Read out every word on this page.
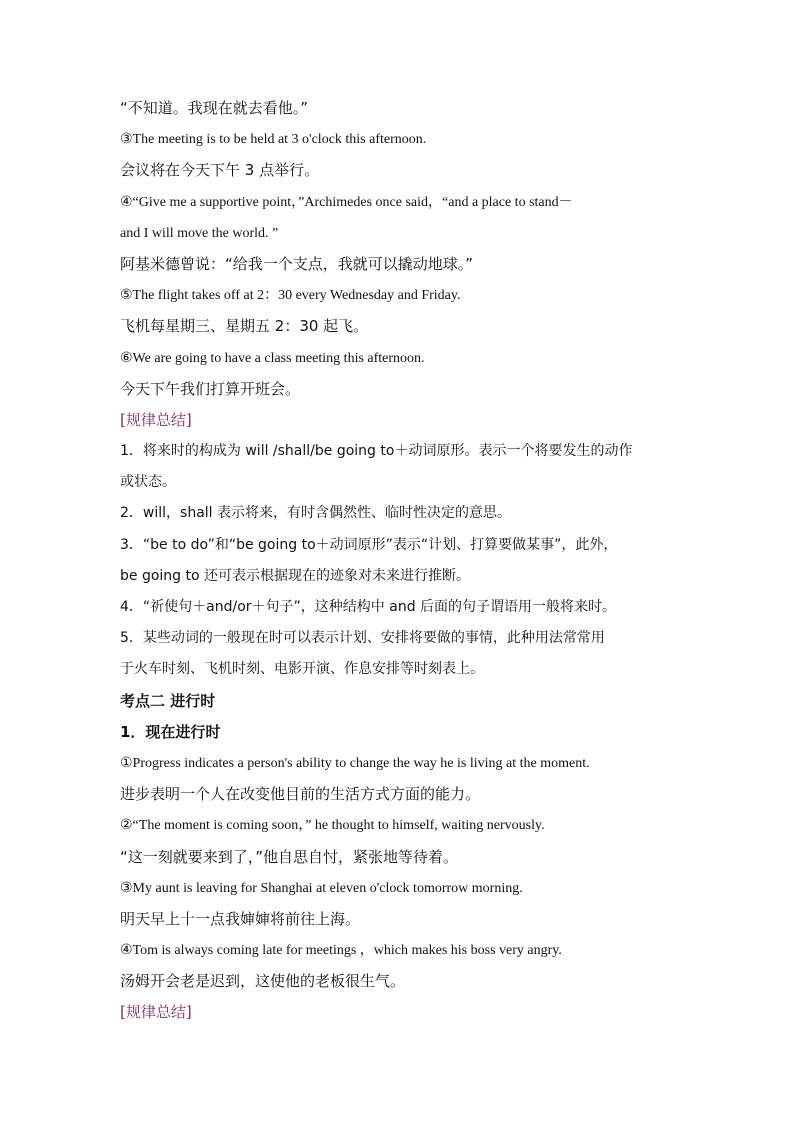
“不知道。我现在就去看他。”
③The meeting is to be held at 3 o'clock this afternoon.
会议将在今天下午 3 点举行。
④“Give me a supportive point，”Archimedes once said，“and a place to stand－
and I will move the world. ”
阿基米德曾说：“给我一个支点，我就可以撬动地球。”
⑤The flight takes off at 2：30 every Wednesday and Friday.
飞机每星期三、星期五 2：30 起飞。
⑥We are going to have a class meeting this afternoon.
今天下午我们打算开班会。
[规律总结]
1．将来时的构成为 will /shall/be going to＋动词原形。表示一个将要发生的动作
或状态。
2．will，shall 表示将来，有时含偶然性、临时性决定的意思。
3．“be to do”和“be going to＋动词原形”表示“计划、打算要做某事”，此外，
be going to 还可表示根据现在的迹象对未来进行推断。
4．“祈使句＋and/or＋句子”，这种结构中 and 后面的句子谓语用一般将来时。
5．某些动词的一般现在时可以表示计划、安排将要做的事情，此种用法常常用
于火车时刻、飞机时刻、电影开演、作息安排等时刻表上。
考点二 进行时
1．现在进行时
①Progress indicates a person's ability to change the way he is living at the moment.
进步表明一个人在改变他目前的生活方式方面的能力。
②“The moment is coming soon，” he thought to himself, waiting nervously.
“这一刻就要来到了，”他自思自忖，紧张地等待着。
③My aunt is leaving for Shanghai at eleven o'clock tomorrow morning.
明天早上十一点我婶婶将前往上海。
④Tom is always coming late for meetings ，which makes his boss very angry.
汤姆开会老是迟到，这使他的老板很生气。
[规律总结]
